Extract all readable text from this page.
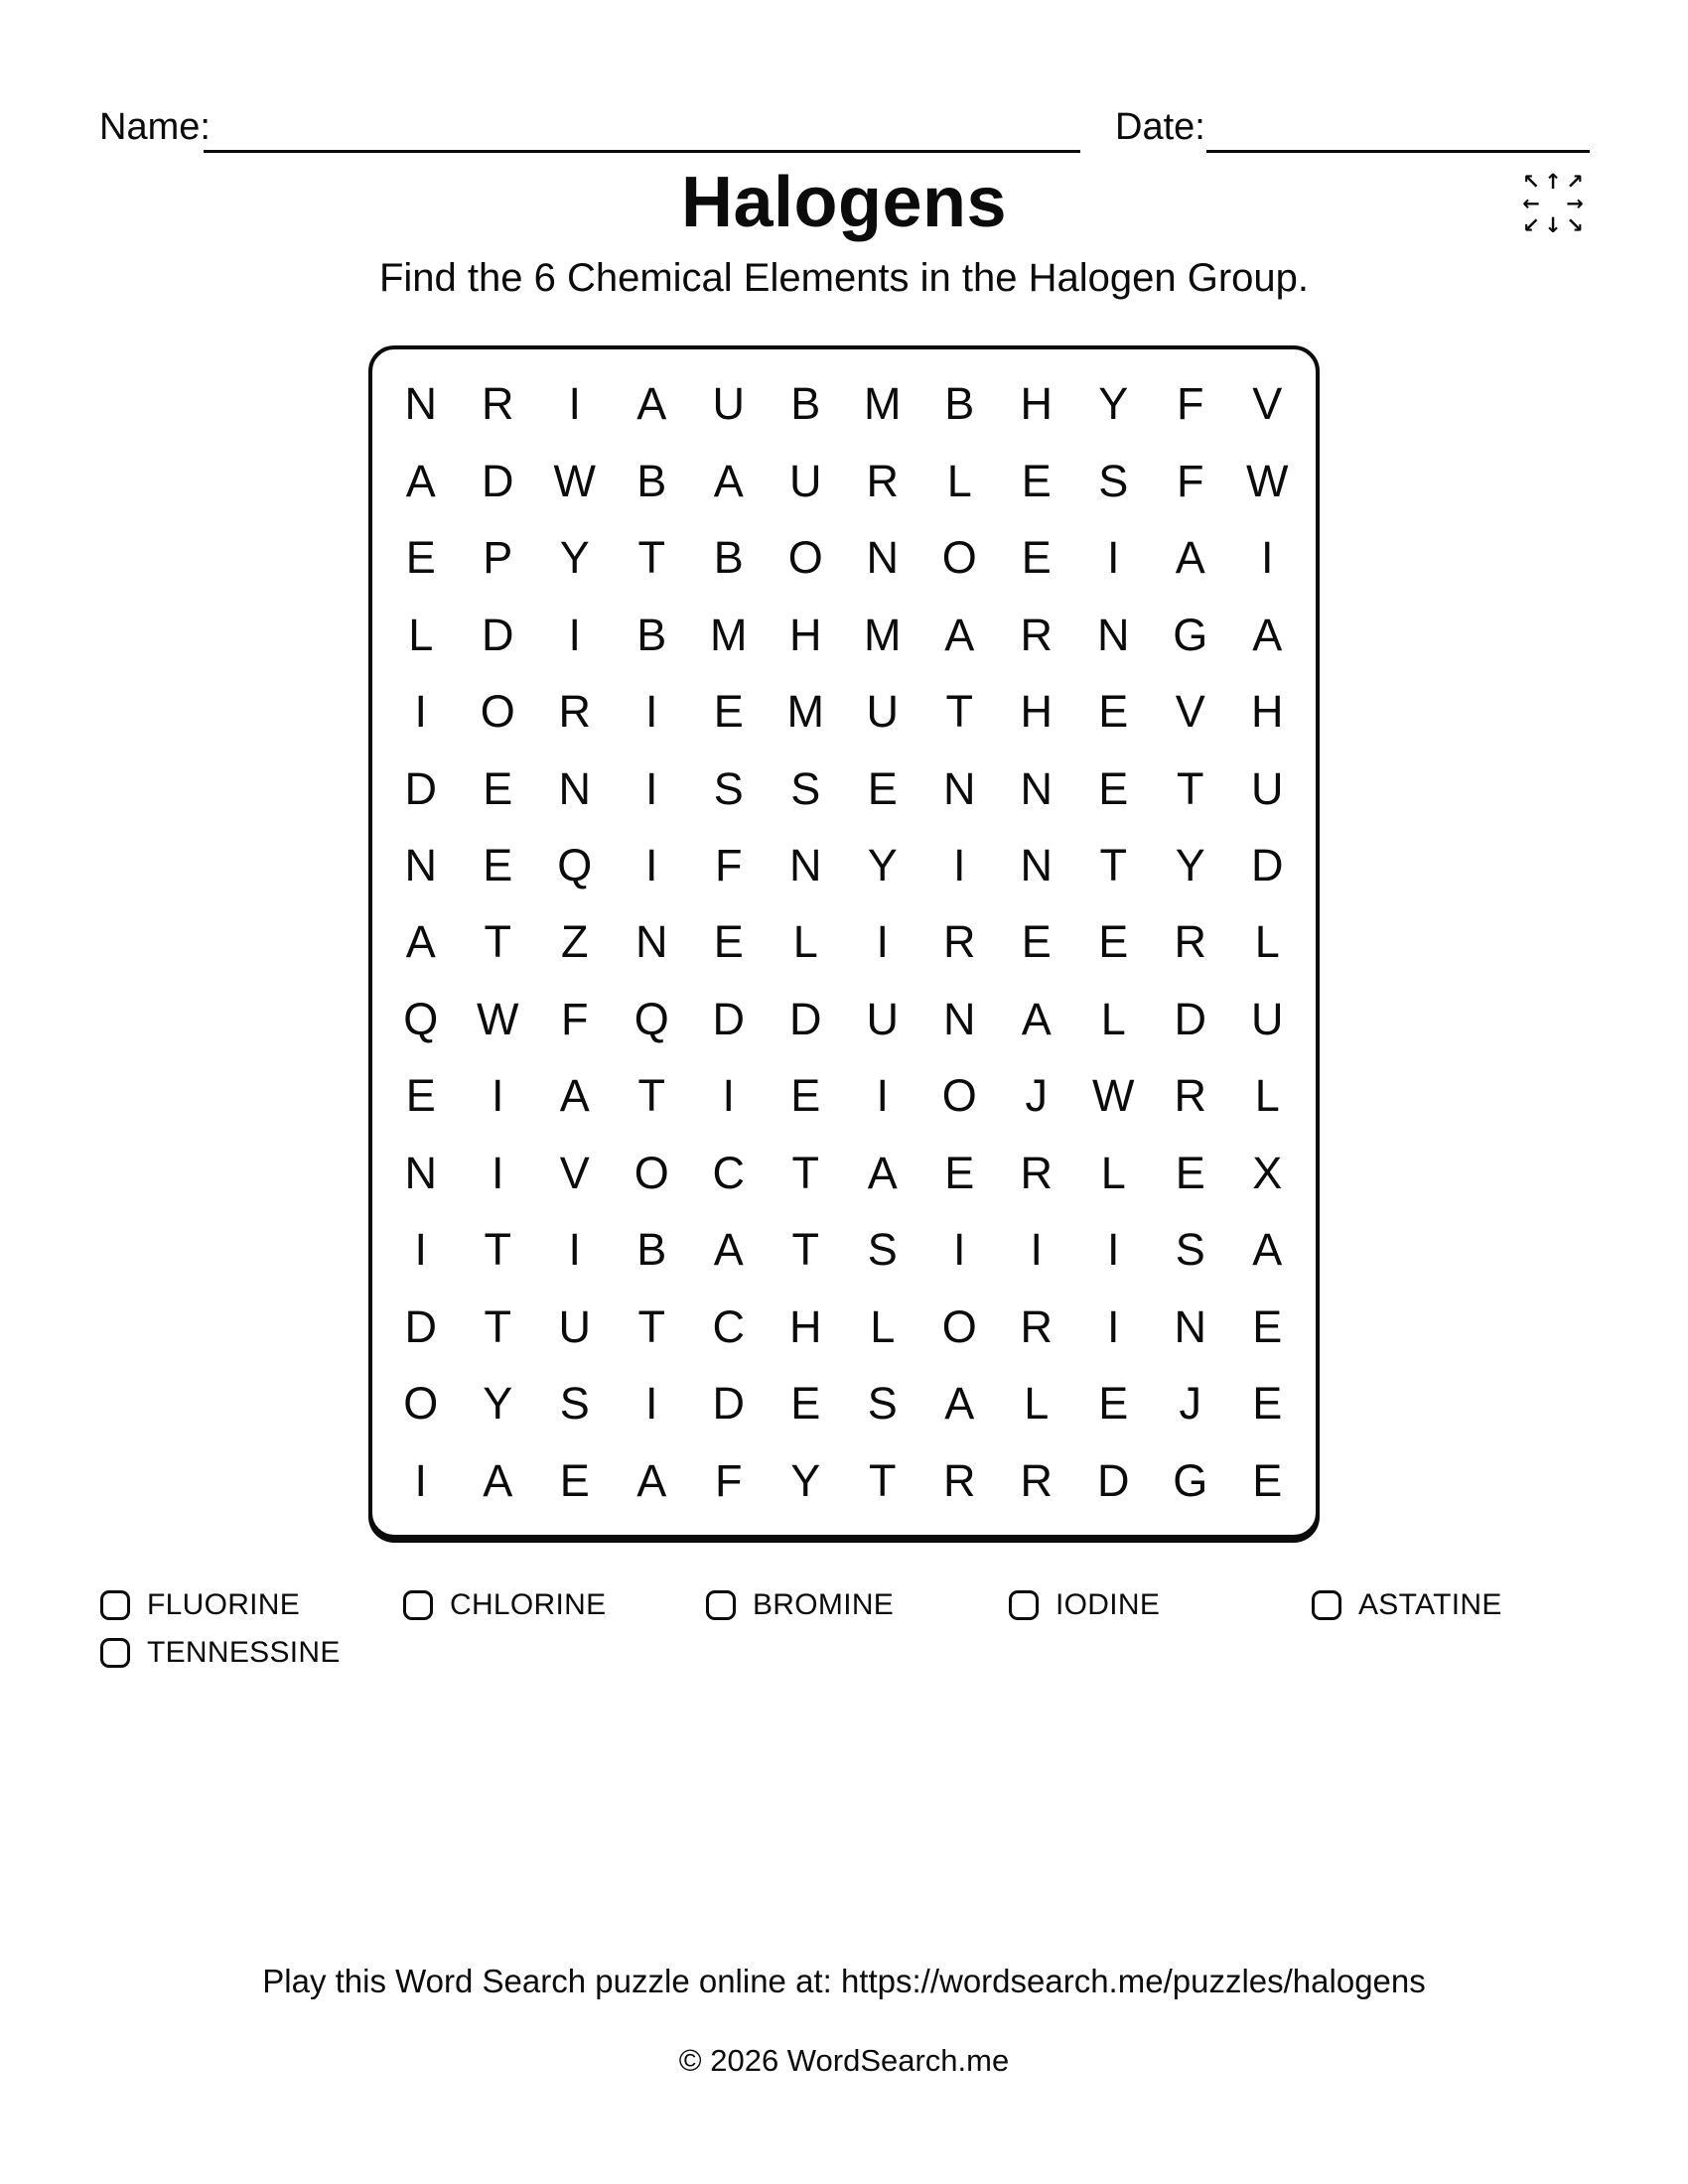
Name:	Date:
Halogens	↖ ↑ ↗
← →
↙ ↓ ↘
Find the 6 Chemical Elements in the Halogen Group.
N	R	I	A	U	B M B	H	Y	F	V
A	D W B	A	U	R	L	E	S	F W
E	P	Y	T	B O N O E	I	A	I
L	D	I	B M H M A	R	N G A
I	O R	I	E M U	T	H	E	V	H
D	E	N	I	S	S	E	N	N	E	T	U
N	E Q	I	F	N	Y	I	N	T	Y	D
A	T	Z	N	E	L	I	R	E	E	R	L
Q W F	Q D	D	U	N	A	L	D	U
E	I	A	T	I	E	I	O	J	W R	L
N	I	V O C	T	A	E	R	L	E	X
I	T	I	B	A	T	S	I	I	I	S	A
D	T	U	T	C	H	L	O R	I	N	E
O Y	S	I	D	E	S	A	L	E	J	E
I	A	E	A	F	Y	T	R	R	D G E
FLUORINE	CHLORINE	BROMINE	IODINE	ASTATINE
TENNESSINE
Play this Word Search puzzle online at: https://wordsearch.me/puzzles/halogens
© 2026 WordSearch.me
